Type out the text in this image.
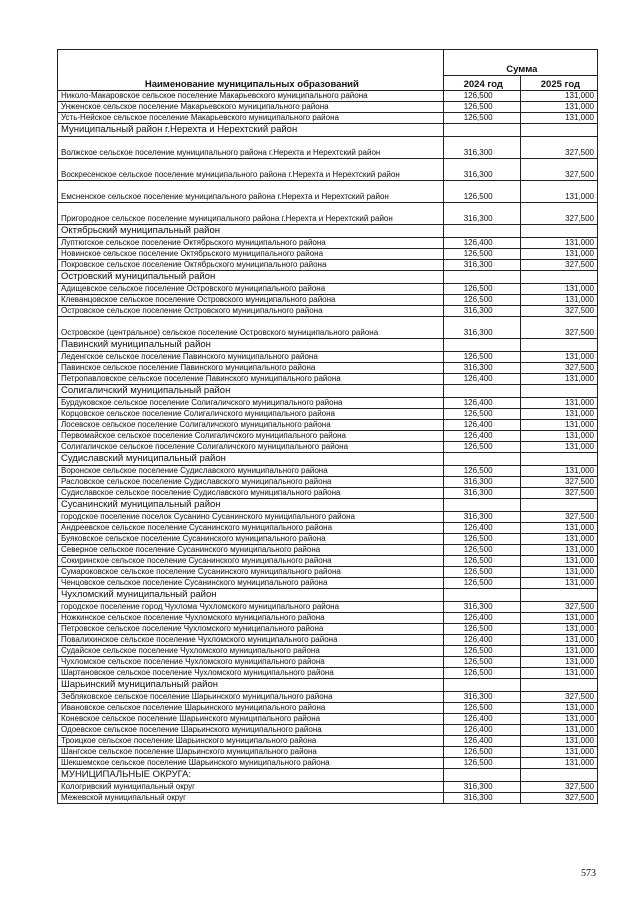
Наименование муниципальных образований	Сумма	
	2024 год	2025 год
Николо-Макаровское сельское поселение Макарьевского муниципального района	126,500	131,000
Унженское сельское поселение Макарьевского муниципального района	126,500	131,000
Усть-Нейское сельское поселение Макарьевского муниципального района	126,500	131,000
Муниципальный район г.Нерехта и Нерехтский район		
Волжское сельское поселение муниципального района г.Нерехта и Нерехтский район	316,300	327,500
Воскресенское сельское поселение муниципального района г.Нерехта и Нерехтский район	316,300	327,500
Емсненское сельское поселение муниципального района г.Нерехта и Нерехтский район	126,500	131,000
Пригородное сельское поселение муниципального района г.Нерехта и Нерехтский район	316,300	327,500
Октябрьский муниципальный район		
Луптюгское сельское поселение Октябрьского муниципального района	126,400	131,000
Новинское сельское поселение Октябрьского муниципального района	126,500	131,000
Покровское сельское поселение Октябрьского муниципального района	316,300	327,500
Островский муниципальный район		
Адищевское сельское поселение Островского муниципального района	126,500	131,000
Клеванцовское сельское поселение Островского муниципального района	126,500	131,000
Островское сельское поселение Островского муниципального района	316,300	327,500
Островское (центральное) сельское поселение Островского муниципального района	316,300	327,500
Павинский муниципальный район		
Леденгское сельское поселение Павинского муниципального района	126,500	131,000
Павинское сельское поселение Павинского муниципального района	316,300	327,500
Петропавловское сельское поселение Павинского муниципального района	126,400	131,000
Солигаличский муниципальный район		
Бурдуковское сельское поселение Солигаличского муниципального района	126,400	131,000
Корцовское сельское поселение Солигаличского муниципального района	126,500	131,000
Лосевское сельское поселение Солигаличского муниципального района	126,400	131,000
Первомайское сельское поселение Солигаличского муниципального района	126,400	131,000
Солигаличское сельское поселение Солигаличского муниципального района	126,500	131,000
Судиславский муниципальный район		
Воронское сельское поселение Судиславского муниципального района	126,500	131,000
Расловское сельское поселение Судиславского муниципального района	316,300	327,500
Судиславское сельское поселение Судиславского муниципального района	316,300	327,500
Сусанинский муниципальный район		
городское поселение поселок Сусанино Сусанинского муниципального района	316,300	327,500
Андреевское сельское поселение Сусанинского муниципального района	126,400	131,000
Буяковское сельское поселение Сусанинского муниципального района	126,500	131,000
Северное сельское поселение Сусанинского муниципального района	126,500	131,000
Сокиринское сельское поселение Сусанинского муниципального района	126,500	131,000
Сумароковское сельское поселение Сусанинского муниципального района	126,500	131,000
Ченцовское сельское поселение Сусанинского муниципального района	126,500	131,000
Чухломский муниципальный район		
городское поселение город Чухлома Чухломского муниципального района	316,300	327,500
Ножкинское сельское поселение Чухломского муниципального района	126,400	131,000
Петровское сельское поселение Чухломского муниципального района	126,500	131,000
Повалихинское сельское поселение Чухломского муниципального района	126,400	131,000
Судайское сельское поселение Чухломского муниципального района	126,500	131,000
Чухломское сельское поселение Чухломского муниципального района	126,500	131,000
Шартановское сельское поселение Чухломского муниципального района	126,500	131,000
Шарьинский муниципальный район		
Зебляковское сельское поселение Шарьинского муниципального района	316,300	327,500
Ивановское сельское поселение Шарьинского муниципального района	126,500	131,000
Коневское сельское поселение Шарьинского муниципального района	126,400	131,000
Одоевское сельское поселение Шарьинского муниципального района	126,400	131,000
Троицкое сельское поселение Шарьинского муниципального района	126,400	131,000
Шангское сельское поселение Шарьинского муниципального района	126,500	131,000
Шекшемское сельское поселение Шарьинского муниципального района	126,500	131,000
МУНИЦИПАЛЬНЫЕ ОКРУГА:		
Кологривский муниципальный округ	316,300	327,500
Межевской муниципальный округ	316,300	327,500
573
